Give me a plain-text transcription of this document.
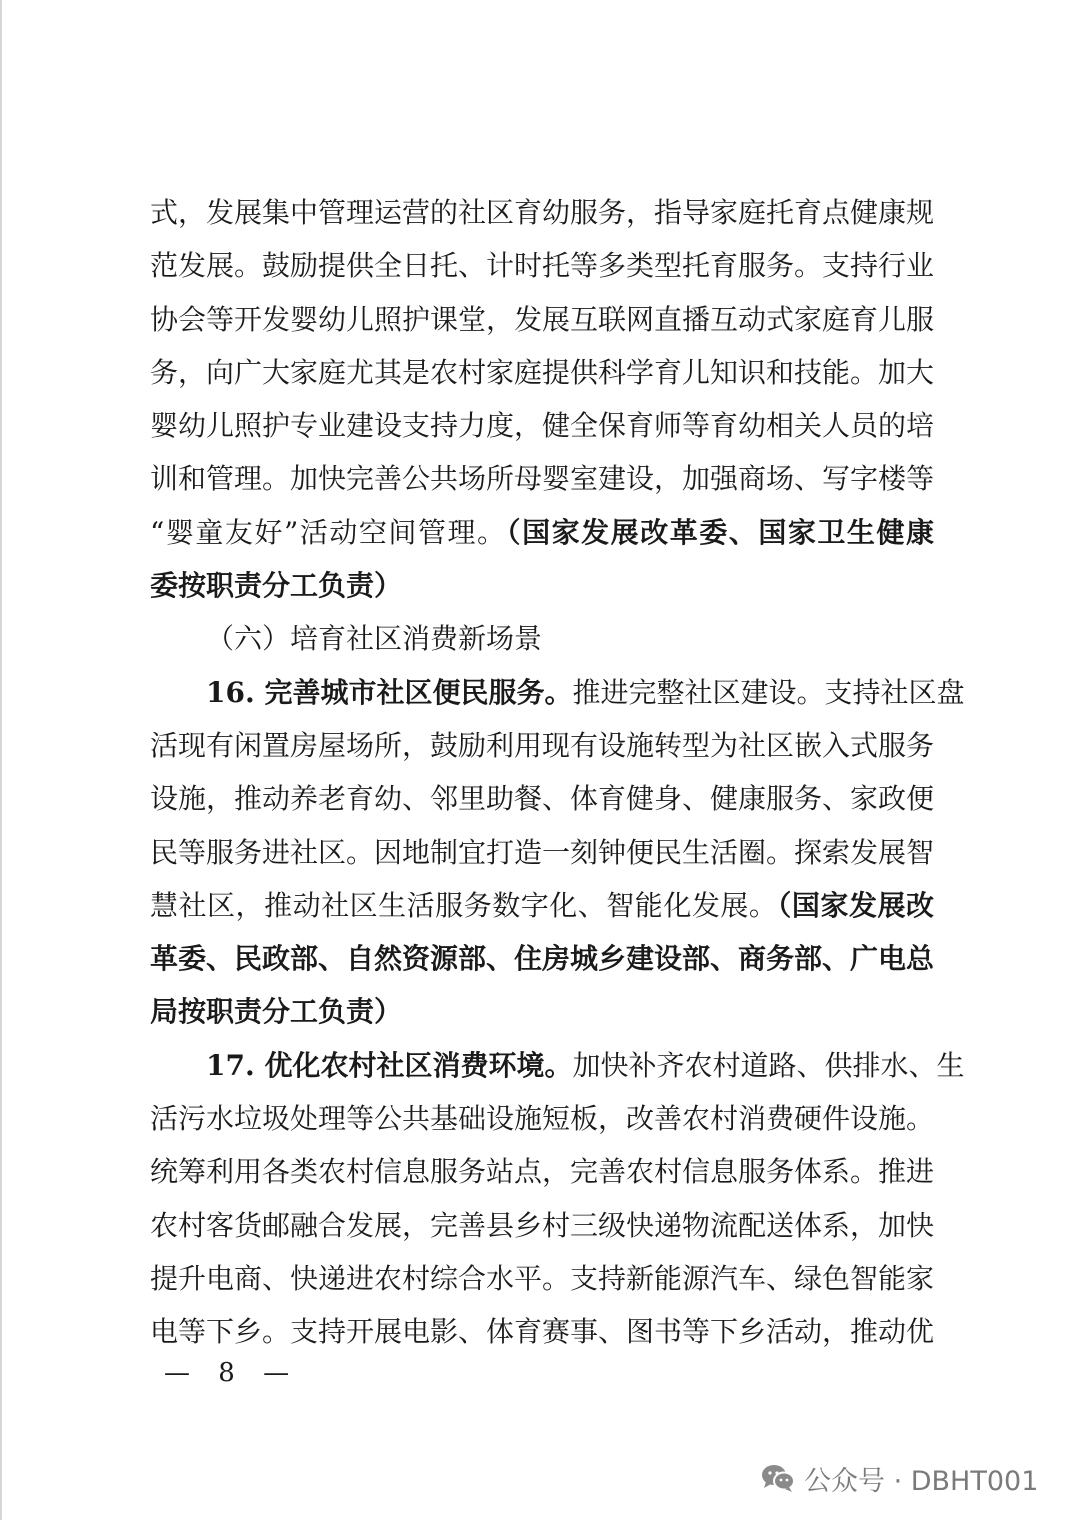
式，发展集中管理运营的社区育幼服务，指导家庭托育点健康规
范发展。鼓励提供全日托、计时托等多类型托育服务。支持行业
协会等开发婴幼儿照护课堂，发展互联网直播互动式家庭育儿服
务，向广大家庭尤其是农村家庭提供科学育儿知识和技能。加大
婴幼儿照护专业建设支持力度，健全保育师等育幼相关人员的培
训和管理。加快完善公共场所母婴室建设，加强商场、写字楼等
“婴童友好”活动空间管理。（国家发展改革委、国家卫生健康
委按职责分工负责）
（六）培育社区消费新场景
16. 完善城市社区便民服务。推进完整社区建设。支持社区盘
活现有闲置房屋场所，鼓励利用现有设施转型为社区嵌入式服务
设施，推动养老育幼、邻里助餐、体育健身、健康服务、家政便
民等服务进社区。因地制宜打造一刻钟便民生活圈。探索发展智
慧社区，推动社区生活服务数字化、智能化发展。（国家发展改
革委、民政部、自然资源部、住房城乡建设部、商务部、广电总
局按职责分工负责）
17. 优化农村社区消费环境。加快补齐农村道路、供排水、生
活污水垃圾处理等公共基础设施短板，改善农村消费硬件设施。
统筹利用各类农村信息服务站点，完善农村信息服务体系。推进
农村客货邮融合发展，完善县乡村三级快递物流配送体系，加快
提升电商、快递进农村综合水平。支持新能源汽车、绿色智能家
电等下乡。支持开展电影、体育赛事、图书等下乡活动，推动优
— 8 —
公众号 · DBHT001
